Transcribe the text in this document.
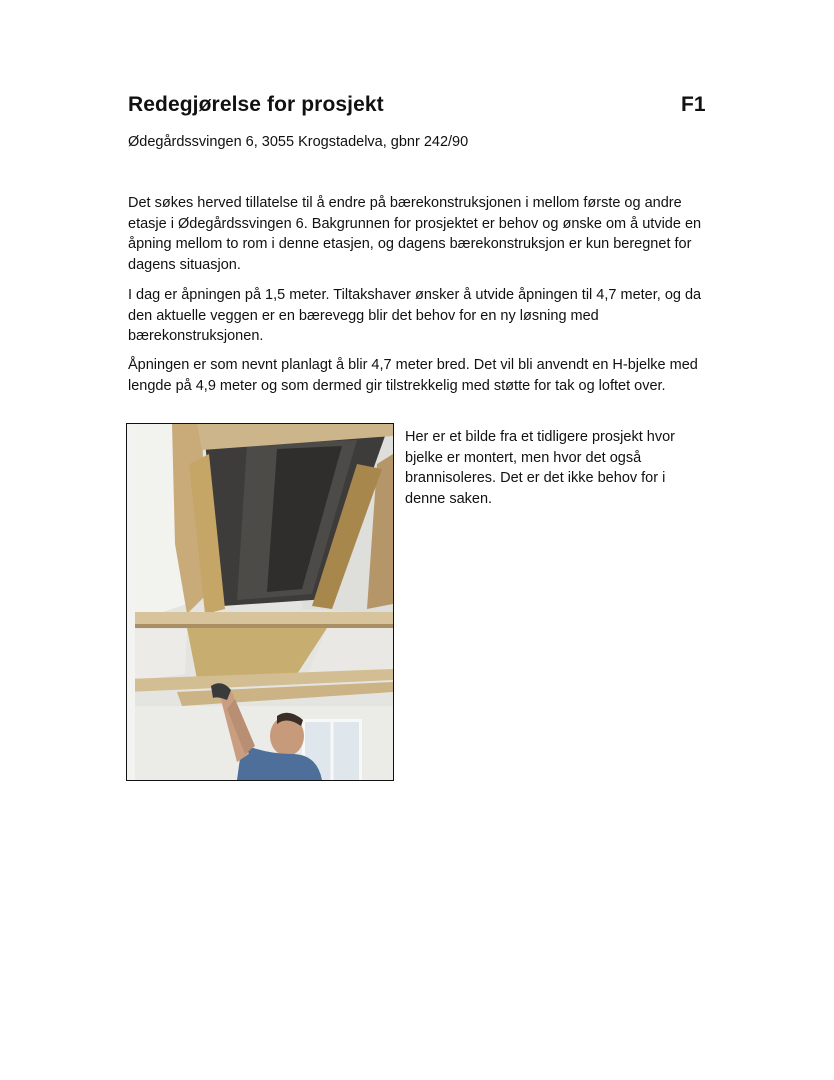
Redegjørelse for prosjekt	F1

Ødegårdssvingen 6, 3055 Krogstadelva, gbnr 242/90

Det søkes herved tillatelse til å endre på bærekonstruksjonen i mellom første og andre etasje i Ødegårdssvingen 6. Bakgrunnen for prosjektet er behov og ønske om å utvide en åpning mellom to rom i denne etasjen, og dagens bærekonstruksjon er kun beregnet for dagens situasjon.

I dag er åpningen på 1,5 meter. Tiltakshaver ønsker å utvide åpningen til 4,7 meter, og da den aktuelle veggen er en bærevegg blir det behov for en ny løsning med bærekonstruksjonen.

Åpningen er som nevnt planlagt å blir 4,7 meter bred. Det vil bli anvendt en H-bjelke med lengde på 4,9 meter og som dermed gir tilstrekkelig med støtte for tak og loftet over.

Her er et bilde fra et tidligere prosjekt hvor bjelke er montert, men hvor det også brannisoleres. Det er det ikke behov for i denne saken.
